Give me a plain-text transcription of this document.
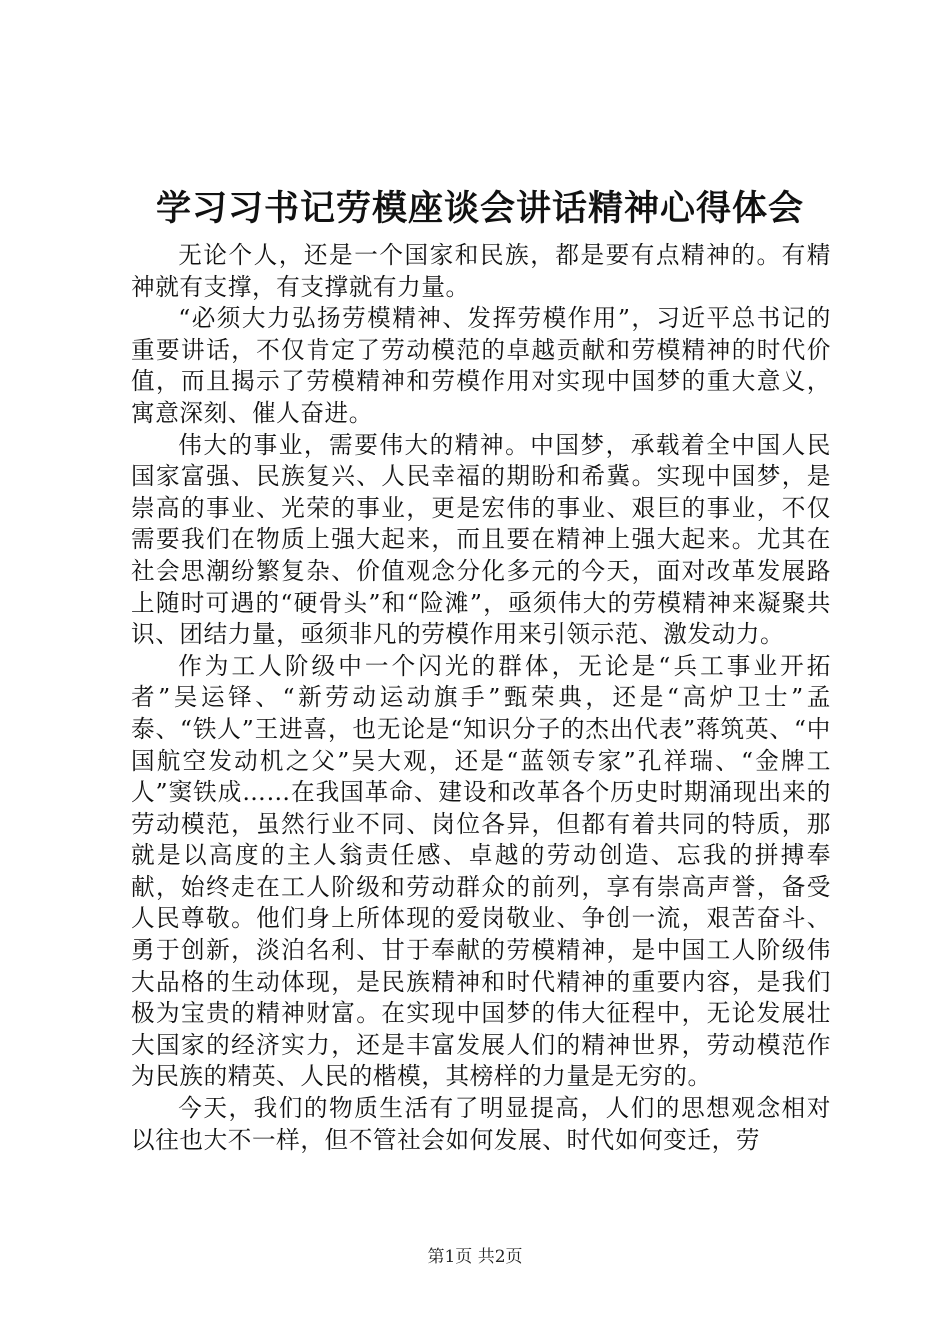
学习习书记劳模座谈会讲话精神心得体会

无论个人，还是一个国家和民族，都是要有点精神的。有精神就有支撑，有支撑就有力量。

“必须大力弘扬劳模精神、发挥劳模作用”，习近平总书记的重要讲话，不仅肯定了劳动模范的卓越贡献和劳模精神的时代价值，而且揭示了劳模精神和劳模作用对实现中国梦的重大意义，寓意深刻、催人奋进。

伟大的事业，需要伟大的精神。中国梦，承载着全中国人民国家富强、民族复兴、人民幸福的期盼和希冀。实现中国梦，是崇高的事业、光荣的事业，更是宏伟的事业、艰巨的事业，不仅需要我们在物质上强大起来，而且要在精神上强大起来。尤其在社会思潮纷繁复杂、价值观念分化多元的今天，面对改革发展路上随时可遇的“硬骨头”和“险滩”，亟须伟大的劳模精神来凝聚共识、团结力量，亟须非凡的劳模作用来引领示范、激发动力。

作为工人阶级中一个闪光的群体，无论是“兵工事业开拓者”吴运铎、“新劳动运动旗手”甄荣典，还是“高炉卫士”孟泰、“铁人”王进喜，也无论是“知识分子的杰出代表”蒋筑英、“中国航空发动机之父”吴大观，还是“蓝领专家”孔祥瑞、“金牌工人”窦铁成……在我国革命、建设和改革各个历史时期涌现出来的劳动模范，虽然行业不同、岗位各异，但都有着共同的特质，那就是以高度的主人翁责任感、卓越的劳动创造、忘我的拼搏奉献，始终走在工人阶级和劳动群众的前列，享有崇高声誉，备受人民尊敬。他们身上所体现的爱岗敬业、争创一流，艰苦奋斗、勇于创新，淡泊名利、甘于奉献的劳模精神，是中国工人阶级伟大品格的生动体现，是民族精神和时代精神的重要内容，是我们极为宝贵的精神财富。在实现中国梦的伟大征程中，无论发展壮大国家的经济实力，还是丰富发展人们的精神世界，劳动模范作为民族的精英、人民的楷模，其榜样的力量是无穷的。

今天，我们的物质生活有了明显提高，人们的思想观念相对以往也大不一样，但不管社会如何发展、时代如何变迁，劳

第1页 共2页
